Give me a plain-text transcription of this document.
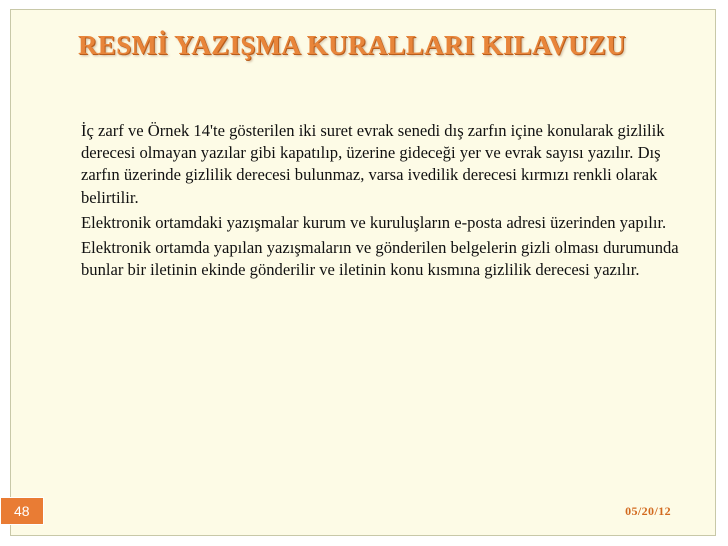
RESMİ YAZIŞMA KURALLARI KILAVUZU
İç zarf ve Örnek 14'te gösterilen iki suret evrak senedi dış zarfın içine konularak gizlilik derecesi olmayan yazılar gibi kapatılıp, üzerine gideceği yer ve evrak sayısı yazılır. Dış zarfın üzerinde gizlilik derecesi bulunmaz, varsa ivedilik derecesi kırmızı renkli olarak belirtilir.
Elektronik ortamdaki yazışmalar kurum ve kuruluşların e-posta adresi üzerinden yapılır.
Elektronik ortamda yapılan yazışmaların ve gönderilen belgelerin gizli olması durumunda bunlar bir iletinin ekinde gönderilir ve iletinin konu kısmına gizlilik derecesi yazılır.
48	05/20/12
